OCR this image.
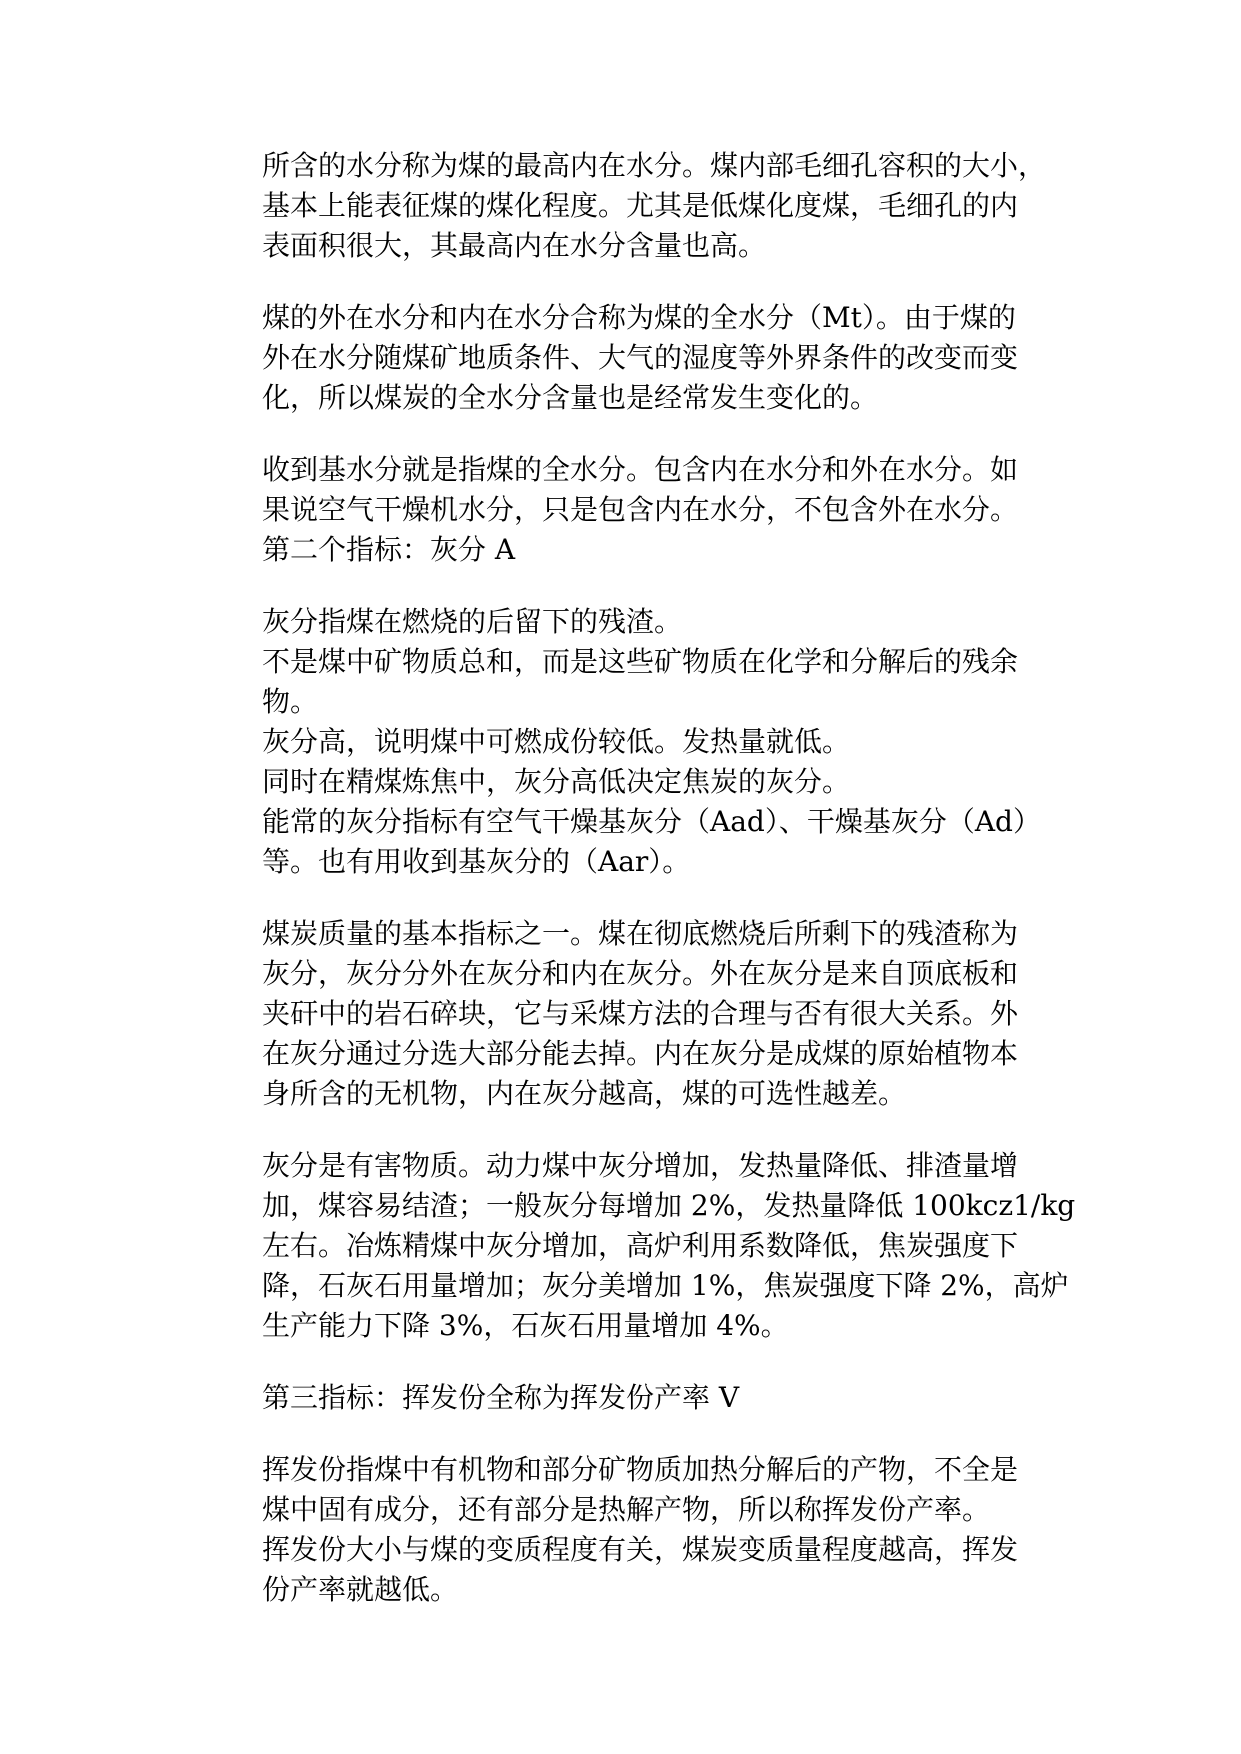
所含的水分称为煤的最高内在水分。煤内部毛细孔容积的大小，
基本上能表征煤的煤化程度。尤其是低煤化度煤，毛细孔的内
表面积很大，其最高内在水分含量也高。
煤的外在水分和内在水分合称为煤的全水分（Mt）。由于煤的
外在水分随煤矿地质条件、大气的湿度等外界条件的改变而变
化，所以煤炭的全水分含量也是经常发生变化的。
收到基水分就是指煤的全水分。包含内在水分和外在水分。如
果说空气干燥机水分，只是包含内在水分，不包含外在水分。
第二个指标：灰分 A
灰分指煤在燃烧的后留下的残渣。
不是煤中矿物质总和，而是这些矿物质在化学和分解后的残余
物。
灰分高，说明煤中可燃成份较低。发热量就低。
同时在精煤炼焦中，灰分高低决定焦炭的灰分。
能常的灰分指标有空气干燥基灰分（Aad）、干燥基灰分（Ad）
等。也有用收到基灰分的（Aar）。
煤炭质量的基本指标之一。煤在彻底燃烧后所剩下的残渣称为
灰分，灰分分外在灰分和内在灰分。外在灰分是来自顶底板和
夹矸中的岩石碎块，它与采煤方法的合理与否有很大关系。外
在灰分通过分选大部分能去掉。内在灰分是成煤的原始植物本
身所含的无机物，内在灰分越高，煤的可选性越差。
灰分是有害物质。动力煤中灰分增加，发热量降低、排渣量增
加，煤容易结渣；一般灰分每增加 2%，发热量降低 100kcz1/kg
左右。冶炼精煤中灰分增加，高炉利用系数降低，焦炭强度下
降，石灰石用量增加；灰分美增加 1%，焦炭强度下降 2%，高炉
生产能力下降 3%，石灰石用量增加 4%。
第三指标：挥发份全称为挥发份产率 V
挥发份指煤中有机物和部分矿物质加热分解后的产物，不全是
煤中固有成分，还有部分是热解产物，所以称挥发份产率。
挥发份大小与煤的变质程度有关，煤炭变质量程度越高，挥发
份产率就越低。
